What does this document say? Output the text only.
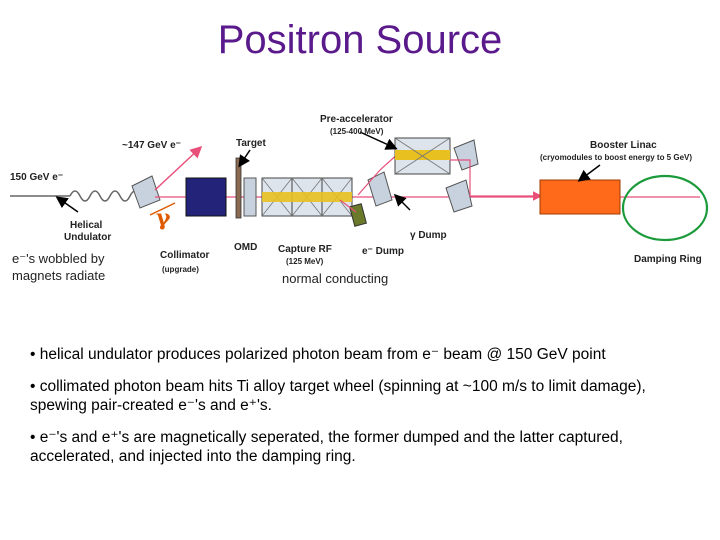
Positron Source
150 GeV e⁻
~147 GeV e⁻	Target
Pre-accelerator
(125-400 MeV)
Booster Linac
(cryomodules to boost energy to 5 GeV)
Helical
Undulator
γ
γ Dump
Collimator
(upgrade)
OMD Capture RF
(125 MeV)
e⁻ Dump
Damping Ring
e⁻'s wobbled by
magnets radiate	normal conducting

• helical undulator produces polarized photon beam from e⁻ beam @ 150 GeV point

• collimated photon beam hits Ti alloy target wheel (spinning at ~100 m/s to limit damage), spewing pair-created e⁻'s and e⁺'s.

• e⁻'s and e⁺'s are magnetically seperated, the former dumped and the latter captured, accelerated, and injected into the damping ring.
